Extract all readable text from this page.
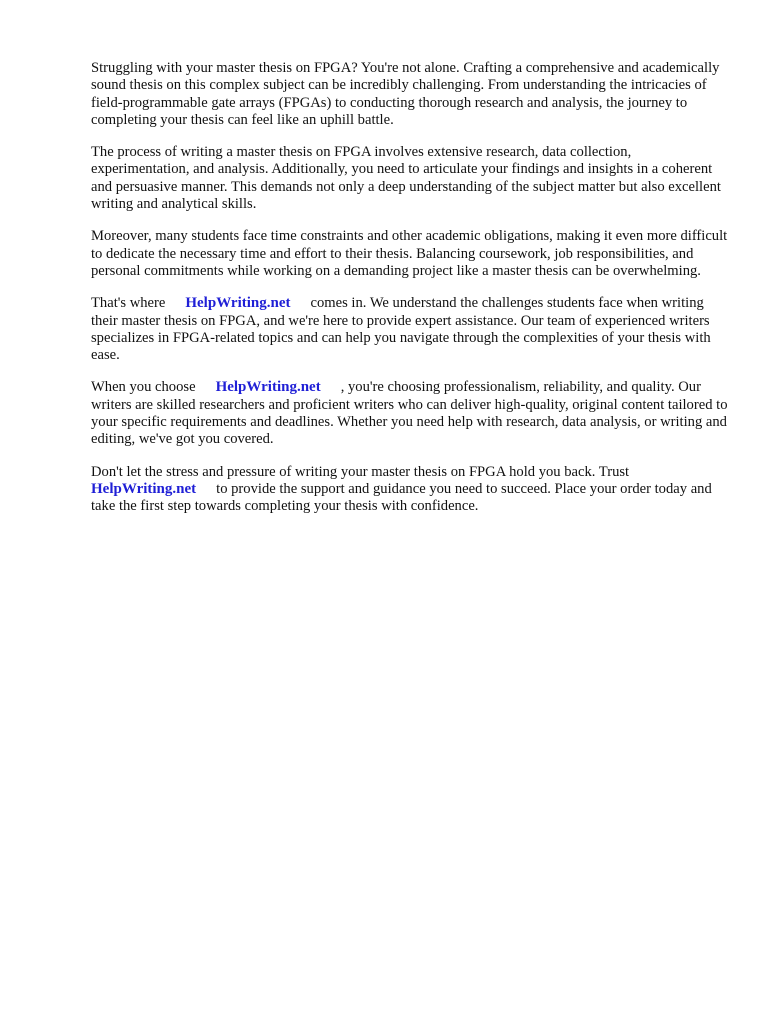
Struggling with your master thesis on FPGA? You're not alone. Crafting a comprehensive and academically sound thesis on this complex subject can be incredibly challenging. From understanding the intricacies of field-programmable gate arrays (FPGAs) to conducting thorough research and analysis, the journey to completing your thesis can feel like an uphill battle.

The process of writing a master thesis on FPGA involves extensive research, data collection, experimentation, and analysis. Additionally, you need to articulate your findings and insights in a coherent and persuasive manner. This demands not only a deep understanding of the subject matter but also excellent writing and analytical skills.

Moreover, many students face time constraints and other academic obligations, making it even more difficult to dedicate the necessary time and effort to their thesis. Balancing coursework, job responsibilities, and personal commitments while working on a demanding project like a master thesis can be overwhelming.

That's where HelpWriting.net comes in. We understand the challenges students face when writing their master thesis on FPGA, and we're here to provide expert assistance. Our team of experienced writers specializes in FPGA-related topics and can help you navigate through the complexities of your thesis with ease.

When you choose HelpWriting.net , you're choosing professionalism, reliability, and quality. Our writers are skilled researchers and proficient writers who can deliver high-quality, original content tailored to your specific requirements and deadlines. Whether you need help with research, data analysis, or writing and editing, we've got you covered.

Don't let the stress and pressure of writing your master thesis on FPGA hold you back. Trust HelpWriting.net to provide the support and guidance you need to succeed. Place your order today and take the first step towards completing your thesis with confidence.
